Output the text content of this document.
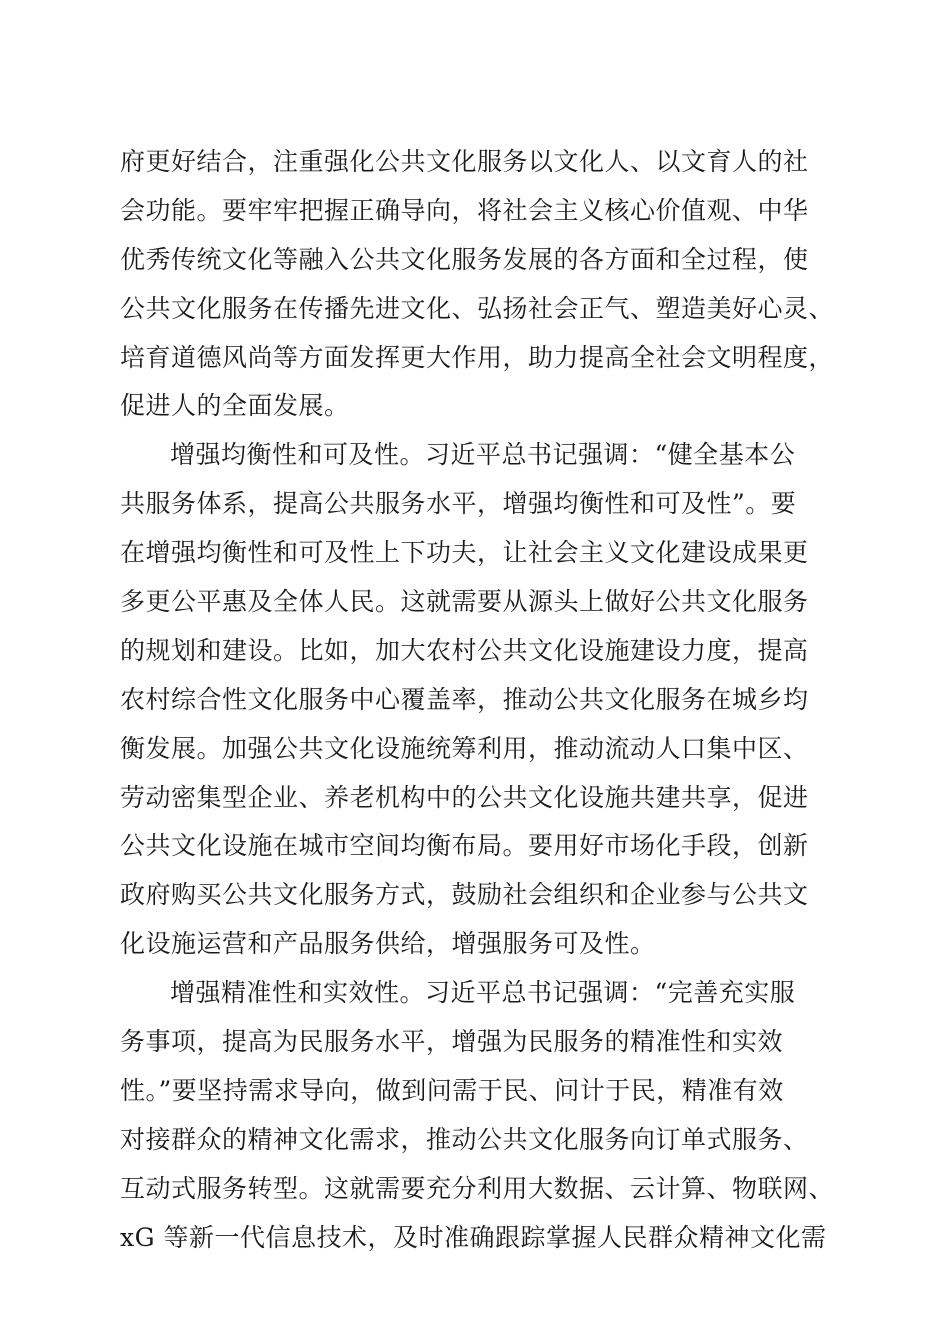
府更好结合，注重强化公共文化服务以文化人、以文育人的社
会功能。要牢牢把握正确导向，将社会主义核心价值观、中华
优秀传统文化等融入公共文化服务发展的各方面和全过程，使
公共文化服务在传播先进文化、弘扬社会正气、塑造美好心灵、
培育道德风尚等方面发挥更大作用，助力提高全社会文明程度，
促进人的全面发展。
增强均衡性和可及性。习近平总书记强调：“健全基本公
共服务体系，提高公共服务水平，增强均衡性和可及性”。要
在增强均衡性和可及性上下功夫，让社会主义文化建设成果更
多更公平惠及全体人民。这就需要从源头上做好公共文化服务
的规划和建设。比如，加大农村公共文化设施建设力度，提高
农村综合性文化服务中心覆盖率，推动公共文化服务在城乡均
衡发展。加强公共文化设施统筹利用，推动流动人口集中区、
劳动密集型企业、养老机构中的公共文化设施共建共享，促进
公共文化设施在城市空间均衡布局。要用好市场化手段，创新
政府购买公共文化服务方式，鼓励社会组织和企业参与公共文
化设施运营和产品服务供给，增强服务可及性。
增强精准性和实效性。习近平总书记强调：“完善充实服
务事项，提高为民服务水平，增强为民服务的精准性和实效
性。”要坚持需求导向，做到问需于民、问计于民，精准有效
对接群众的精神文化需求，推动公共文化服务向订单式服务、
互动式服务转型。这就需要充分利用大数据、云计算、物联网、
xG 等新一代信息技术，及时准确跟踪掌握人民群众精神文化需
